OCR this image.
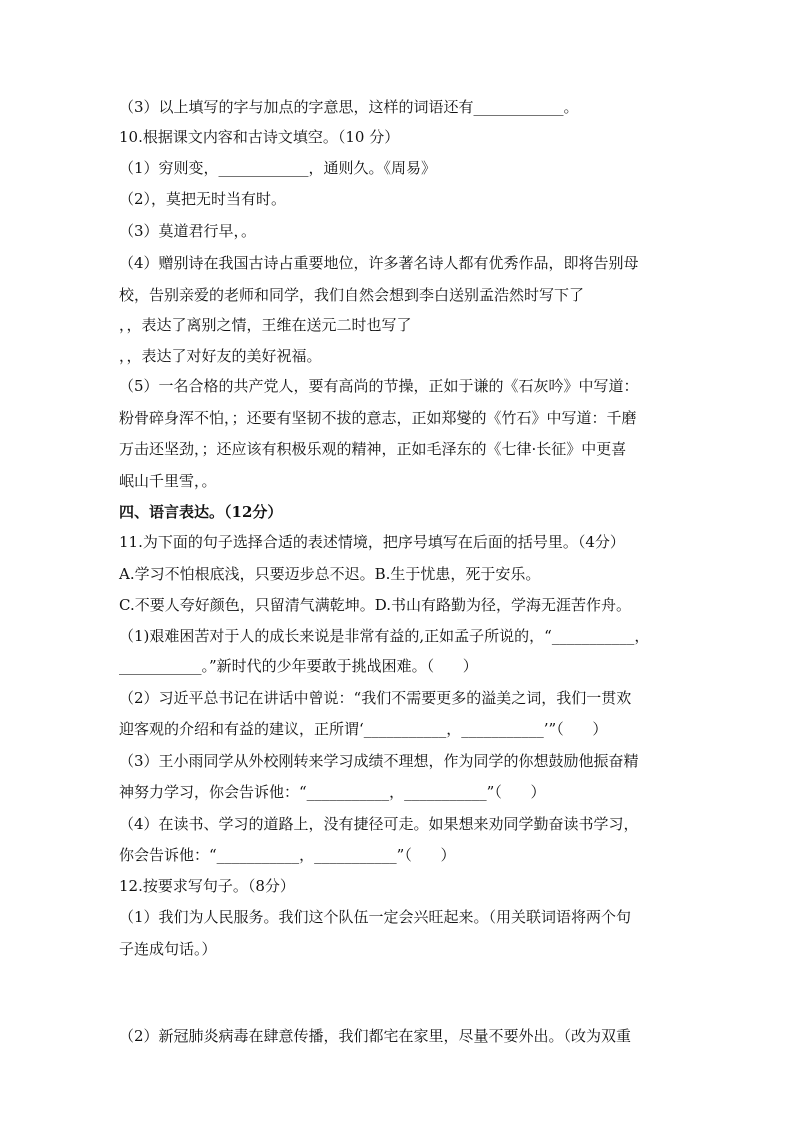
（3）以上填写的字与加点的字意思，这样的词语还有____________。
10.根据课文内容和古诗文填空。（10 分）
（1）穷则变，____________，通则久。《周易》
（2），莫把无时当有时。
（3）莫道君行早，。
（4）赠别诗在我国古诗占重要地位，许多著名诗人都有优秀作品，即将告别母
校，告别亲爱的老师和同学，我们自然会想到李白送别孟浩然时写下了
，，表达了离别之情，王维在送元二时也写了
，，表达了对好友的美好祝福。
（5）一名合格的共产党人，要有高尚的节操，正如于谦的《石灰吟》中写道：
粉骨碎身浑不怕，；还要有坚韧不拔的意志，正如郑燮的《竹石》中写道：千磨
万击还坚劲，；还应该有积极乐观的精神，正如毛泽东的《七律·长征》中更喜
岷山千里雪，。
四、语言表达。（12分）
11.为下面的句子选择合适的表述情境，把序号填写在后面的括号里。（4分）
A.学习不怕根底浅，只要迈步总不迟。B.生于忧患，死于安乐。
C.不要人夸好颜色，只留清气满乾坤。D.书山有路勤为径，学海无涯苦作舟。
（1)艰难困苦对于人的成长来说是非常有益的,正如孟子所说的，“___________，
___________。”新时代的少年要敢于挑战困难。（      ）
（2）习近平总书记在讲话中曾说：“我们不需要更多的溢美之词，我们一贯欢
迎客观的介绍和有益的建议，正所谓‘___________，___________’”（      ）
（3）王小雨同学从外校刚转来学习成绩不理想，作为同学的你想鼓励他振奋精
神努力学习，你会告诉他：“___________，___________”（      ）
（4）在读书、学习的道路上，没有捷径可走。如果想来劝同学勤奋读书学习，
你会告诉他：“___________，___________”（      ）
12.按要求写句子。（8分）
（1）我们为人民服务。我们这个队伍一定会兴旺起来。（用关联词语将两个句
子连成句话。）
（2）新冠肺炎病毒在肆意传播，我们都宅在家里，尽量不要外出。（改为双重
